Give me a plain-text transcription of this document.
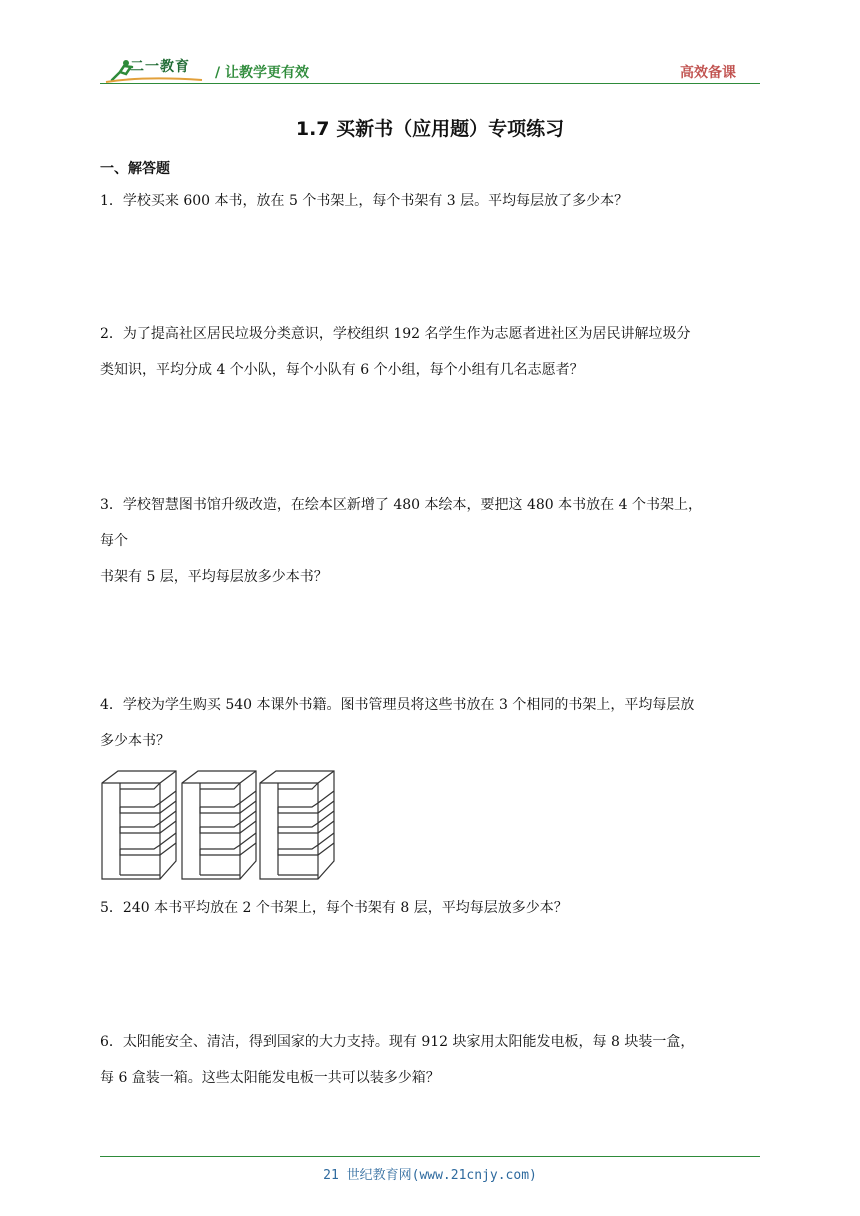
二一教育 / 让教学更有效	高效备课
1.7 买新书（应用题）专项练习
一、解答题
1．学校买来 600 本书，放在 5 个书架上，每个书架有 3 层。平均每层放了多少本？
2．为了提高社区居民垃圾分类意识，学校组织 192 名学生作为志愿者进社区为居民讲解垃圾分
类知识，平均分成 4 个小队，每个小队有 6 个小组，每个小组有几名志愿者？
3．学校智慧图书馆升级改造，在绘本区新增了 480 本绘本，要把这 480 本书放在 4 个书架上，
每个
书架有 5 层，平均每层放多少本书？
4．学校为学生购买 540 本课外书籍。图书管理员将这些书放在 3 个相同的书架上，平均每层放
多少本书？
5．240 本书平均放在 2 个书架上，每个书架有 8 层，平均每层放多少本？
6．太阳能安全、清洁，得到国家的大力支持。现有 912 块家用太阳能发电板，每 8 块装一盒，
每 6 盒装一箱。这些太阳能发电板一共可以装多少箱？
21 世纪教育网(www.21cnjy.com)
